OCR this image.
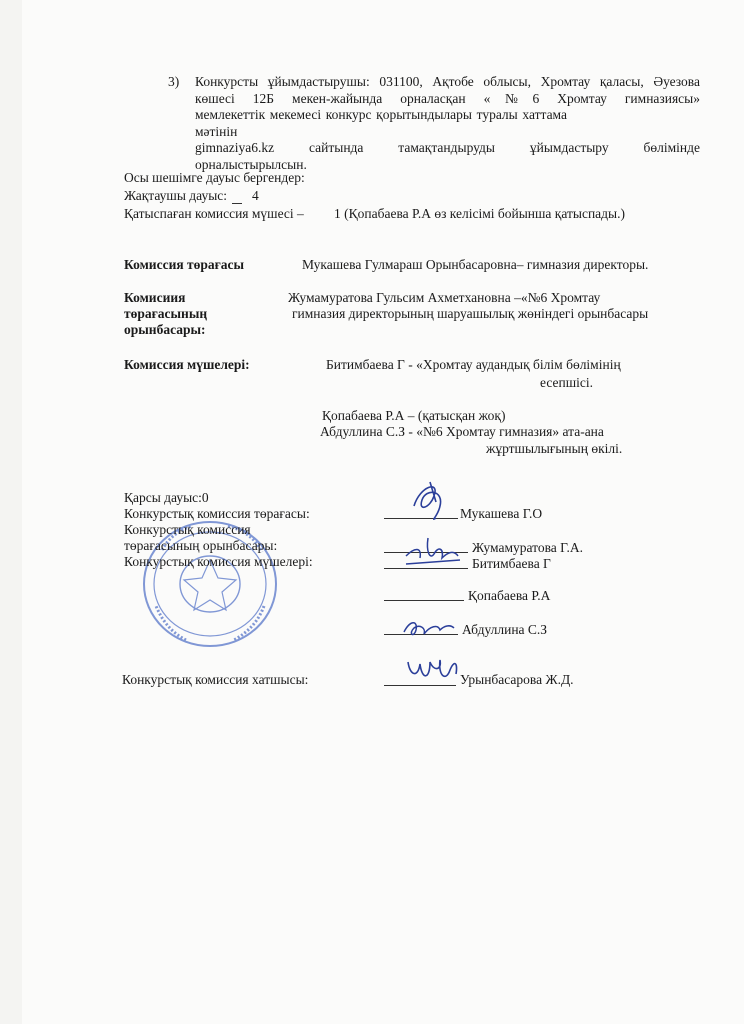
3) Конкурсты ұйымдастырушы: 031100, Ақтобе облысы, Хромтау қаласы, Әуезова
көшесі 12Б мекен-жайында орналасқан «№6 Хромтау гимназиясы»
мемлекеттік мекемесі конкурс қорытындылары туралы хаттама мәтінін
gimnaziya6.kz сайтында тамақтандыруды ұйымдастыру бөлімінде
орналыстырылсын.
Осы шешімге дауыс бергендер:
Жақтаушы дауыс: 4
Қатыспаған комиссия мүшесі – 1 (Қопабаева Р.А өз келісімі бойынша қатыспады.)
Комиссия төрағасы	Мукашева Гулмараш Орынбасаровна– гимназия директоры.
Комисиия
төрағасының
орынбасары:
Жумамуратова Гульсим Ахметхановна –«№6 Хромтау
гимназия директорының шаруашылық жөніндегі орынбасары
Комиссия мүшелері:	Битимбаева Г - «Хромтау аудандық білім бөлімінің
есепшісі.
Қопабаева Р.А – (қатысқан жоқ)
Абдуллина С.З - «№6 Хромтау гимназия» ата-ана
жұртшылығының өкілі.
Қарсы дауыс:0
Конкурстық комиссия төрағасы:	Мукашева Г.О
Конкурстық комиссия
төрағасының орынбасары:	Жумамуратова Г.А.
Конкурстық комиссия мүшелері:	Битимбаева Г
Қопабаева Р.А
Абдуллина С.З
Конкурстық комиссия хатшысы:	Урынбасарова Ж.Д.
